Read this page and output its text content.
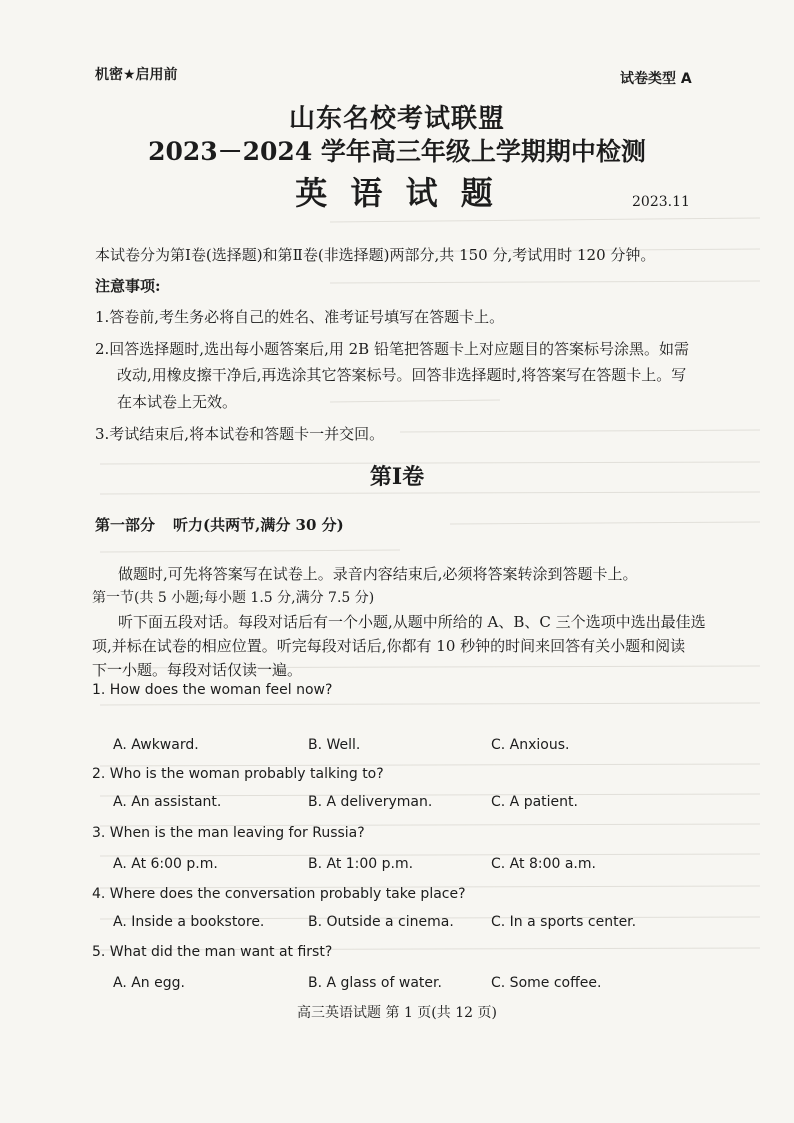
机密★启用前	试卷类型 A
山东名校考试联盟
2023－2024 学年高三年级上学期期中检测
英 语 试 题	2023.11
本试卷分为第Ⅰ卷(选择题)和第Ⅱ卷(非选择题)两部分,共 150 分,考试用时 120 分钟。
注意事项:
1.答卷前,考生务必将自己的姓名、准考证号填写在答题卡上。
2.回答选择题时,选出每小题答案后,用 2B 铅笔把答题卡上对应题目的答案标号涂黑。如需
改动,用橡皮擦干净后,再选涂其它答案标号。回答非选择题时,将答案写在答题卡上。写
在本试卷上无效。
3.考试结束后,将本试卷和答题卡一并交回。
第Ⅰ卷
第一部分 听力(共两节,满分 30 分)
做题时,可先将答案写在试卷上。录音内容结束后,必须将答案转涂到答题卡上。
第一节(共 5 小题;每小题 1.5 分,满分 7.5 分)
听下面五段对话。每段对话后有一个小题,从题中所给的 A、B、C 三个选项中选出最佳选
项,并标在试卷的相应位置。听完每段对话后,你都有 10 秒钟的时间来回答有关小题和阅读
下一小题。每段对话仅读一遍。
1. How does the woman feel now?
A. Awkward.	B. Well.	C. Anxious.
2. Who is the woman probably talking to?
A. An assistant.	B. A deliveryman.	C. A patient.
3. When is the man leaving for Russia?
A. At 6:00 p.m.	B. At 1:00 p.m.	C. At 8:00 a.m.
4. Where does the conversation probably take place?
A. Inside a bookstore.	B. Outside a cinema.	C. In a sports center.
5. What did the man want at first?
A. An egg.	B. A glass of water.	C. Some coffee.
高三英语试题 第 1 页(共 12 页)
